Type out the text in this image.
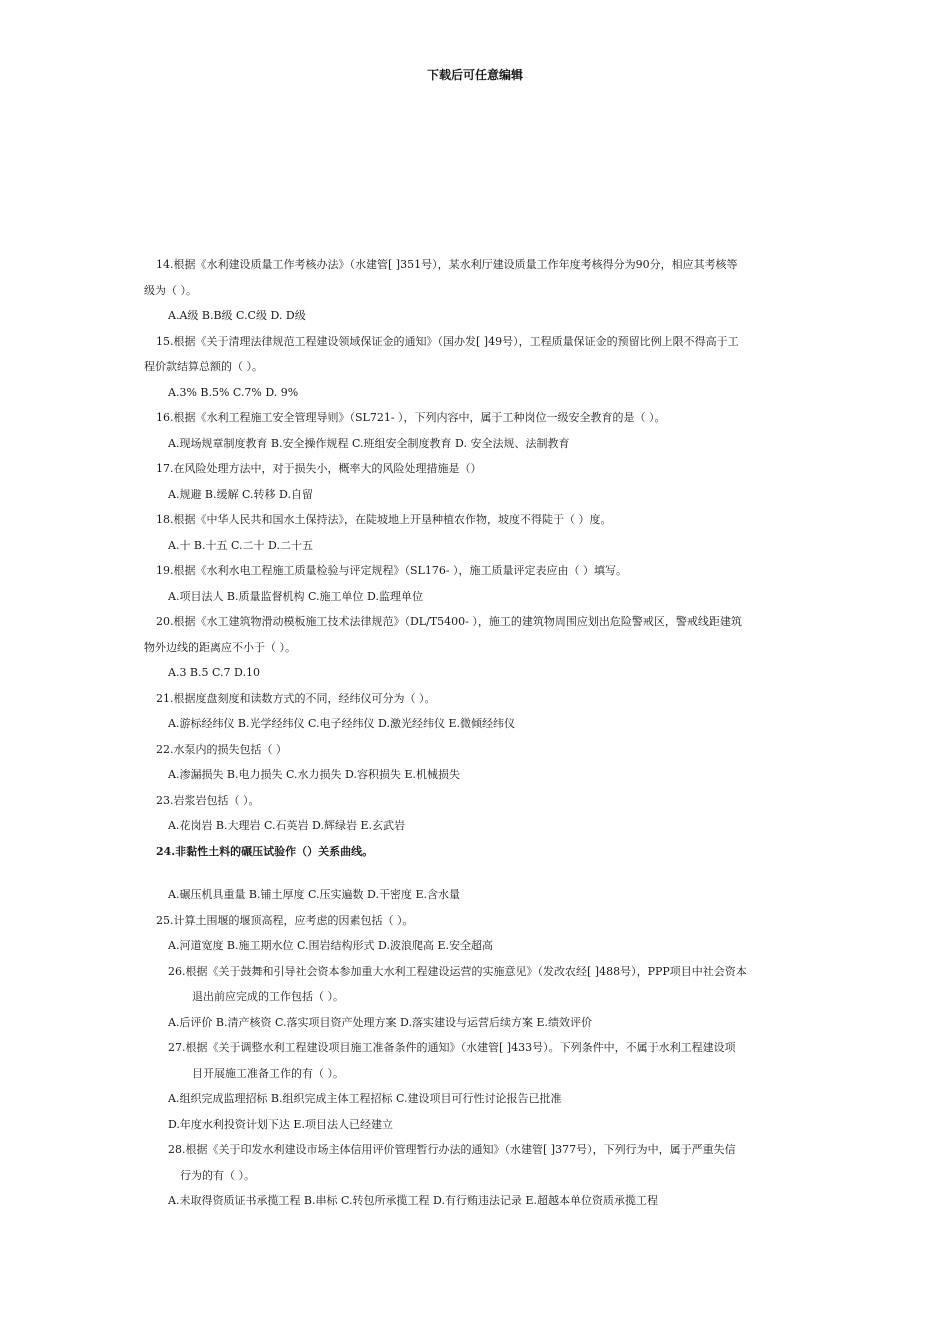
下载后可任意编辑
14.根据《水利建设质量工作考核办法》（水建管[ ]351号），某水利厅建设质量工作年度考核得分为90分，相应其考核等
级为（ ）。
A.A级 B.B级 C.C级 D. D级
15.根据《关于清理法律规范工程建设领域保证金的通知》（国办发[ ]49号），工程质量保证金的预留比例上限不得高于工
程价款结算总额的（ ）。
A.3% B.5% C.7% D. 9%
16.根据《水利工程施工安全管理导则》（SL721- ），下列内容中，属于工种岗位一级安全教育的是（ ）。
A.现场规章制度教育 B.安全操作规程 C.班组安全制度教育 D. 安全法规、法制教育
17.在风险处理方法中，对于损失小，概率大的风险处理措施是（）
A.规避 B.缓解 C.转移 D.自留
18.根据《中华人民共和国水土保持法》，在陡坡地上开垦种植农作物，坡度不得陡于（ ）度。
A.十 B.十五 C.二十 D.二十五
19.根据《水利水电工程施工质量检验与评定规程》（SL176- ），施工质量评定表应由（ ）填写。
A.项目法人 B.质量监督机构 C.施工单位 D.监理单位
20.根据《水工建筑物滑动模板施工技术法律规范》（DL/T5400- ），施工的建筑物周围应划出危险警戒区，警戒线距建筑
物外边线的距离应不小于（ ）。
A.3 B.5 C.7 D.10
21.根据度盘刻度和读数方式的不同，经纬仪可分为（ ）。
A.游标经纬仪 B.光学经纬仪 C.电子经纬仪 D.激光经纬仪 E.微倾经纬仪
22.水泵内的损失包括（ ）
A.渗漏损失 B.电力损失 C.水力损失 D.容积损失 E.机械损失
23.岩浆岩包括（ ）。
A.花岗岩 B.大理岩 C.石英岩 D.辉绿岩 E.玄武岩
24.非黏性土料的碾压试验作（）关系曲线。
A.碾压机具重量 B.铺土厚度 C.压实遍数 D.干密度 E.含水量
25.计算土围堰的堰顶高程，应考虑的因素包括（ ）。
A.河道宽度 B.施工期水位 C.围岩结构形式 D.波浪爬高 E.安全超高
26.根据《关于鼓舞和引导社会资本参加重大水利工程建设运营的实施意见》（发改农经[ ]488号），PPP项目中社会资本
退出前应完成的工作包括（ ）。
A.后评价 B.清产核资 C.落实项目资产处理方案 D.落实建设与运营后续方案 E.绩效评价
27.根据《关于调整水利工程建设项目施工准备条件的通知》（水建管[ ]433号）。下列条件中，不属于水利工程建设项
目开展施工准备工作的有（ ）。
A.组织完成监理招标 B.组织完成主体工程招标 C.建设项目可行性讨论报告已批准
D.年度水利投资计划下达 E.项目法人已经建立
28.根据《关于印发水利建设市场主体信用评价管理暂行办法的通知》（水建管[ ]377号），下列行为中，属于严重失信
行为的有（ ）。
A.未取得资质证书承揽工程 B.串标 C.转包所承揽工程 D.有行贿违法记录 E.超越本单位资质承揽工程
